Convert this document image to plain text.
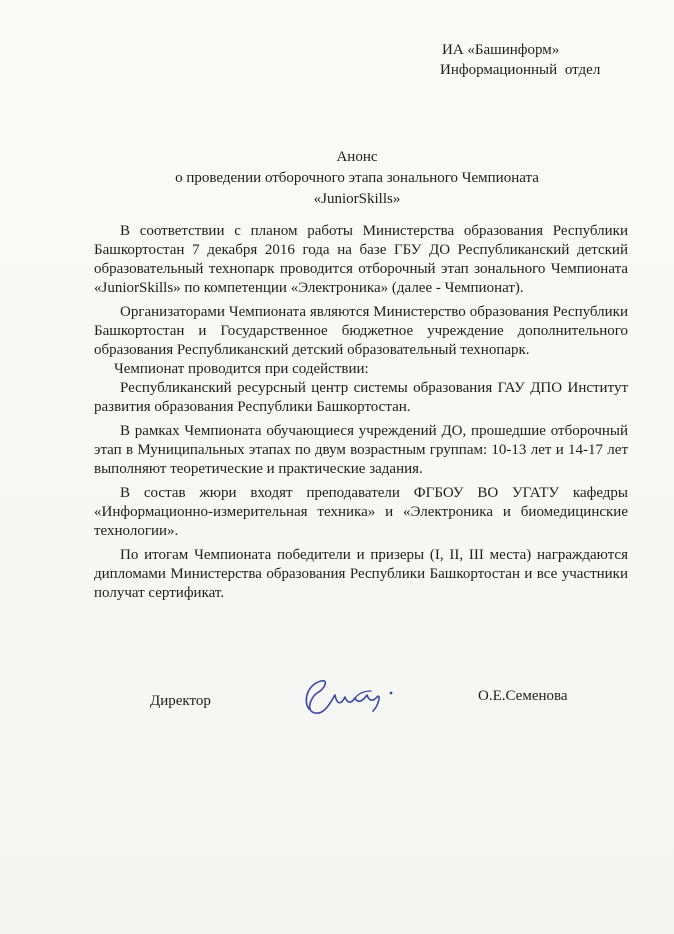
ИА «Башинформ»
Информационный отдел
Анонс
о проведении отборочного этапа зонального Чемпионата
«JuniorSkills»

В соответствии с планом работы Министерства образования Республики Башкортостан 7 декабря 2016 года на базе ГБУ ДО Республиканский детский образовательный технопарк проводится отборочный этап зонального Чемпионата «JuniorSkills» по компетенции «Электроника» (далее - Чемпионат).

Организаторами Чемпионата являются Министерство образования Республики Башкортостан и Государственное бюджетное учреждение дополнительного образования Республиканский детский образовательный технопарк.

Чемпионат проводится при содействии:

Республиканский ресурсный центр системы образования ГАУ ДПО Институт развития образования Республики Башкортостан.

В рамках Чемпионата обучающиеся учреждений ДО, прошедшие отборочный этап в Муниципальных этапах по двум возрастным группам: 10-13 лет и 14-17 лет выполняют теоретические и практические задания.

В состав жюри входят преподаватели ФГБОУ ВО УГАТУ кафедры «Информационно-измерительная техника» и «Электроника и биомедицинские технологии».

По итогам Чемпионата победители и призеры (I, II, III места) награждаются дипломами Министерства образования Республики Башкортостан и все участники получат сертификат.

Директор	О.Е.Семенова
